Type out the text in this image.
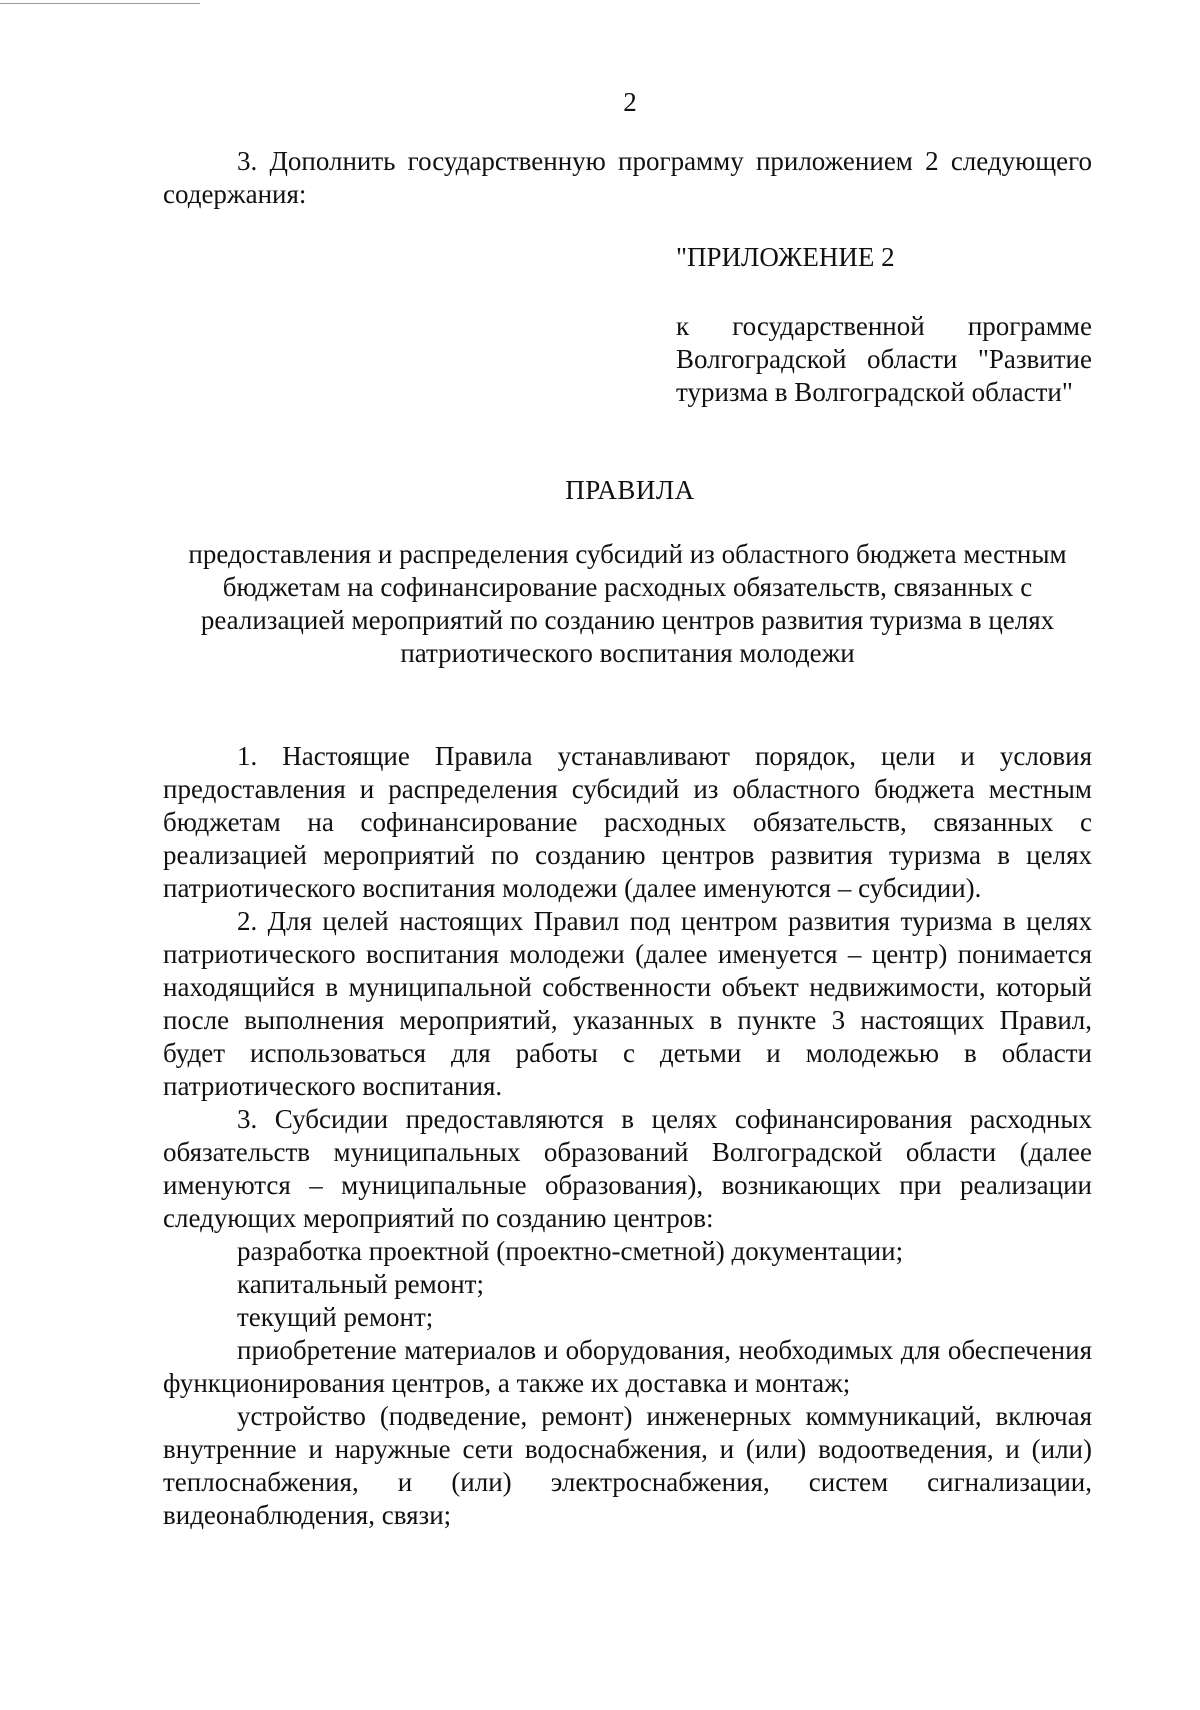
2

3. Дополнить государственную программу приложением 2 следующего содержания:

"ПРИЛОЖЕНИЕ 2

к государственной программе Волгоградской области "Развитие туризма в Волгоградской области"

ПРАВИЛА

предоставления и распределения субсидий из областного бюджета местным бюджетам на софинансирование расходных обязательств, связанных с реализацией мероприятий по созданию центров развития туризма в целях патриотического воспитания молодежи

1. Настоящие Правила устанавливают порядок, цели и условия предоставления и распределения субсидий из областного бюджета местным бюджетам на софинансирование расходных обязательств, связанных с реализацией мероприятий по созданию центров развития туризма в целях патриотического воспитания молодежи (далее именуются – субсидии).

2. Для целей настоящих Правил под центром развития туризма в целях патриотического воспитания молодежи (далее именуется – центр) понимается находящийся в муниципальной собственности объект недвижимости, который после выполнения мероприятий, указанных в пункте 3 настоящих Правил, будет использоваться для работы с детьми и молодежью в области патриотического воспитания.

3. Субсидии предоставляются в целях софинансирования расходных обязательств муниципальных образований Волгоградской области (далее именуются – муниципальные образования), возникающих при реализации следующих мероприятий по созданию центров:

разработка проектной (проектно-сметной) документации;

капитальный ремонт;

текущий ремонт;

приобретение материалов и оборудования, необходимых для обеспечения функционирования центров, а также их доставка и монтаж;

устройство (подведение, ремонт) инженерных коммуникаций, включая внутренние и наружные сети водоснабжения, и (или) водоотведения, и (или) теплоснабжения, и (или) электроснабжения, систем сигнализации, видеонаблюдения, связи;
